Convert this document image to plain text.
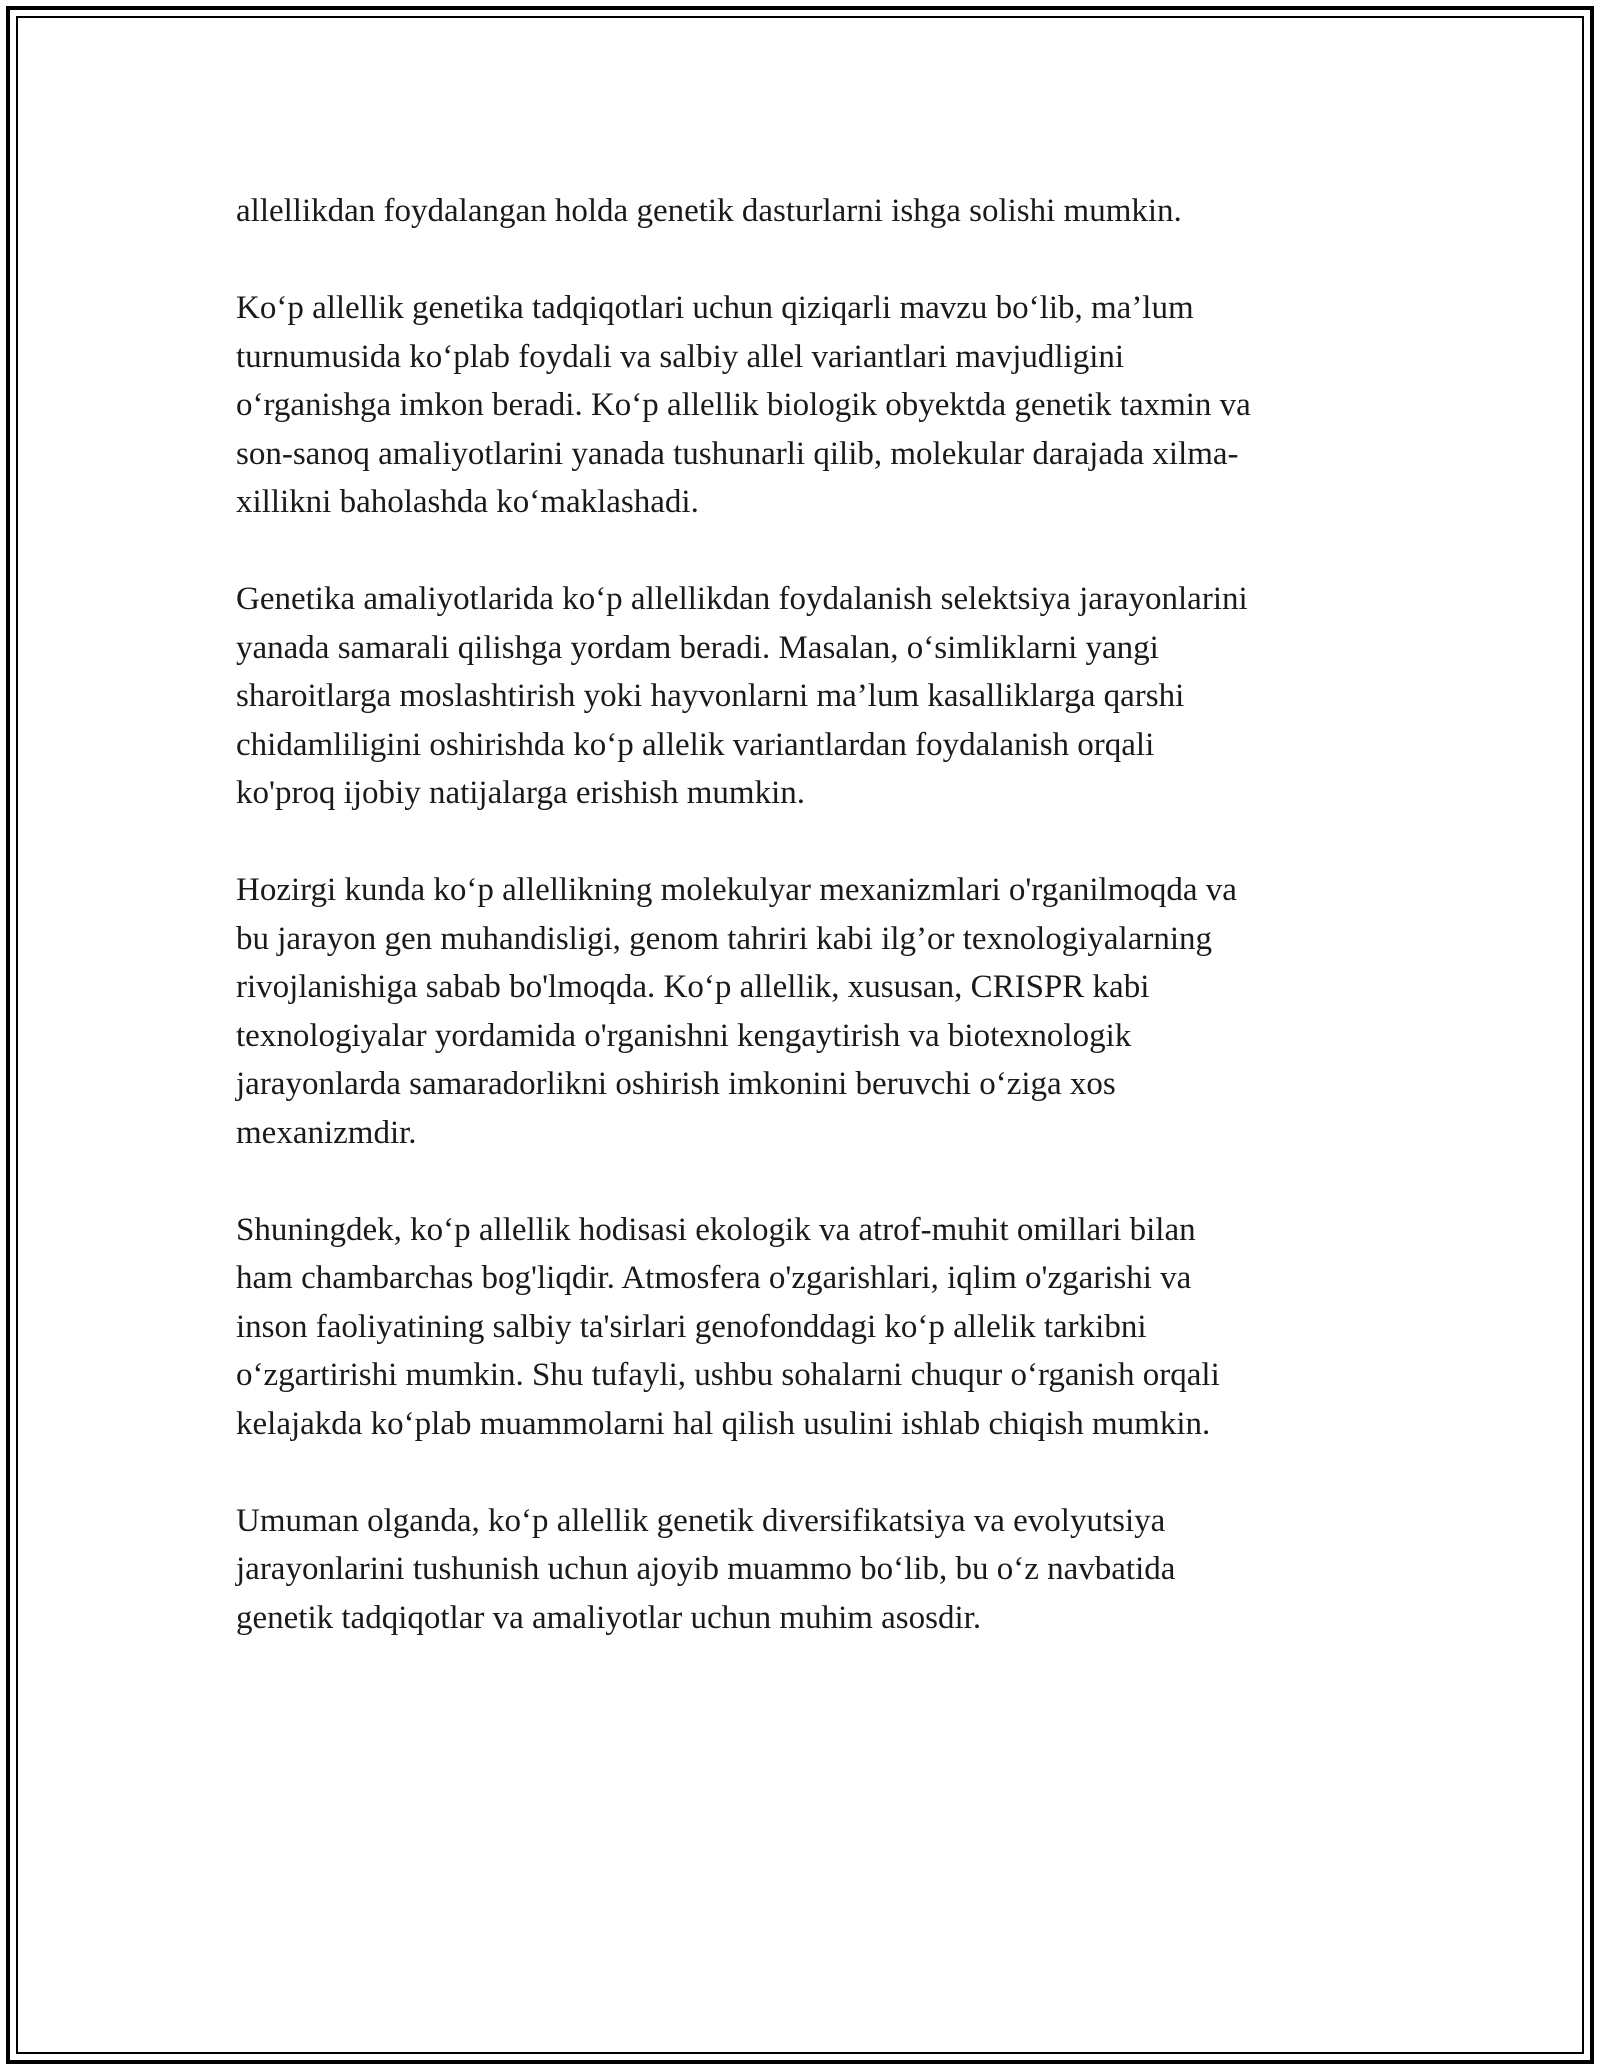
allellikdan foydalangan holda genetik dasturlarni ishga solishi mumkin.

Ko‘p allellik genetika tadqiqotlari uchun qiziqarli mavzu bo‘lib, ma’lum
turnumusida ko‘plab foydali va salbiy allel variantlari mavjudligini
o‘rganishga imkon beradi. Ko‘p allellik biologik obyektda genetik taxmin va
son-sanoq amaliyotlarini yanada tushunarli qilib, molekular darajada xilma-
xillikni baholashda ko‘maklashadi.

Genetika amaliyotlarida ko‘p allellikdan foydalanish selektsiya jarayonlarini
yanada samarali qilishga yordam beradi. Masalan, o‘simliklarni yangi
sharoitlarga moslashtirish yoki hayvonlarni ma’lum kasalliklarga qarshi
chidamliligini oshirishda ko‘p allelik variantlardan foydalanish orqali
ko'proq ijobiy natijalarga erishish mumkin.

Hozirgi kunda ko‘p allellikning molekulyar mexanizmlari o'rganilmoqda va
bu jarayon gen muhandisligi, genom tahriri kabi ilg’or texnologiyalarning
rivojlanishiga sabab bo'lmoqda. Ko‘p allellik, xususan, CRISPR kabi
texnologiyalar yordamida o'rganishni kengaytirish va biotexnologik
jarayonlarda samaradorlikni oshirish imkonini beruvchi o‘ziga xos
mexanizmdir.

Shuningdek, ko‘p allellik hodisasi ekologik va atrof-muhit omillari bilan
ham chambarchas bog'liqdir. Atmosfera o'zgarishlari, iqlim o'zgarishi va
inson faoliyatining salbiy ta'sirlari genofonddagi ko‘p allelik tarkibni
o‘zgartirishi mumkin. Shu tufayli, ushbu sohalarni chuqur o‘rganish orqali
kelajakda ko‘plab muammolarni hal qilish usulini ishlab chiqish mumkin.

Umuman olganda, ko‘p allellik genetik diversifikatsiya va evolyutsiya
jarayonlarini tushunish uchun ajoyib muammo bo‘lib, bu o‘z navbatida
genetik tadqiqotlar va amaliyotlar uchun muhim asosdir.
